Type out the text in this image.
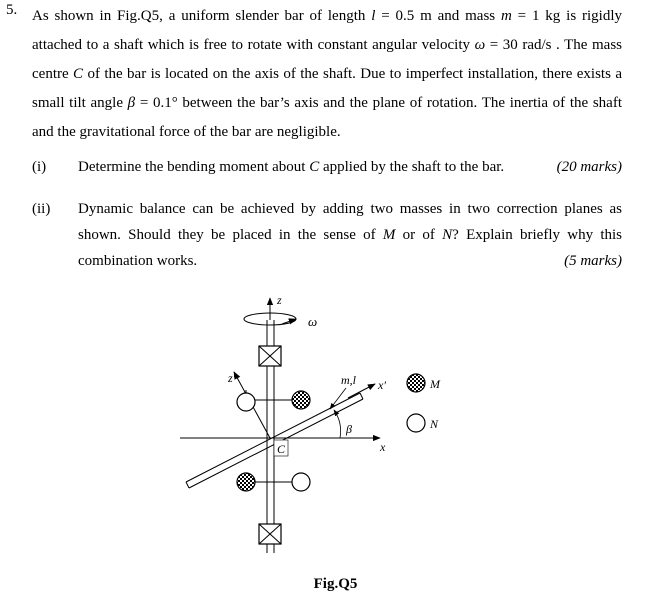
5. As shown in Fig.Q5, a uniform slender bar of length l = 0.5 m and mass m = 1 kg is rigidly attached to a shaft which is free to rotate with constant angular velocity ω = 30 rad/s . The mass centre C of the bar is located on the axis of the shaft. Due to imperfect installation, there exists a small tilt angle β = 0.1° between the bar’s axis and the plane of rotation. The inertia of the shaft and the gravitational force of the bar are negligible.
(i) Determine the bending moment about C applied by the shaft to the bar.	(20 marks)
(ii) Dynamic balance can be achieved by adding two masses in two correction planes as shown. Should they be placed in the sense of M or of N? Explain briefly why this combination works.	(5 marks)
z
ω
x
z′	x′
m,l
β
C
M
N
Fig.Q5
